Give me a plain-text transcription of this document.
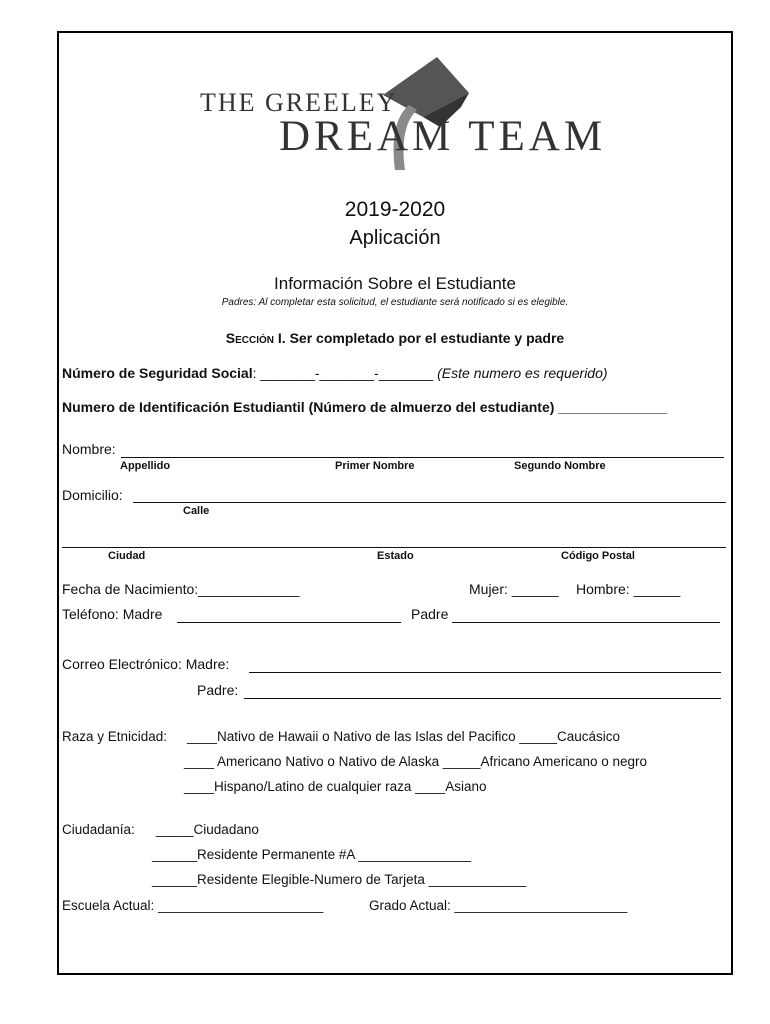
THE GREELEY
DREAM TEAM
2019-2020
Aplicación
Información Sobre el Estudiante
Padres: Al completar esta solicitud, el estudiante será notificado si es elegible.
Sección I. Ser completado por el estudiante y padre
Número de Seguridad Social: _______-_______-_______ (Este numero es requerido)
Numero de Identificación Estudiantil (Número de almuerzo del estudiante) ______________
Nombre:
Appellido	Primer Nombre	Segundo Nombre
Domicilio:
Calle
Ciudad	Estado	Código Postal
Fecha de Nacimiento:_____________	Mujer: ______ Hombre: ______
Teléfono: Madre	Padre
Correo Electrónico: Madre:
Padre:
Raza y Etnicidad: ____Nativo de Hawaii o Nativo de las Islas del Pacifico _____Caucásico
____ Americano Nativo o Nativo de Alaska _____Africano Americano o negro
____Hispano/Latino de cualquier raza ____Asiano
Ciudadanía: _____Ciudadano
______Residente Permanente #A _______________
______Residente Elegible-Numero de Tarjeta _____________
Escuela Actual: ______________________	Grado Actual: _______________________
